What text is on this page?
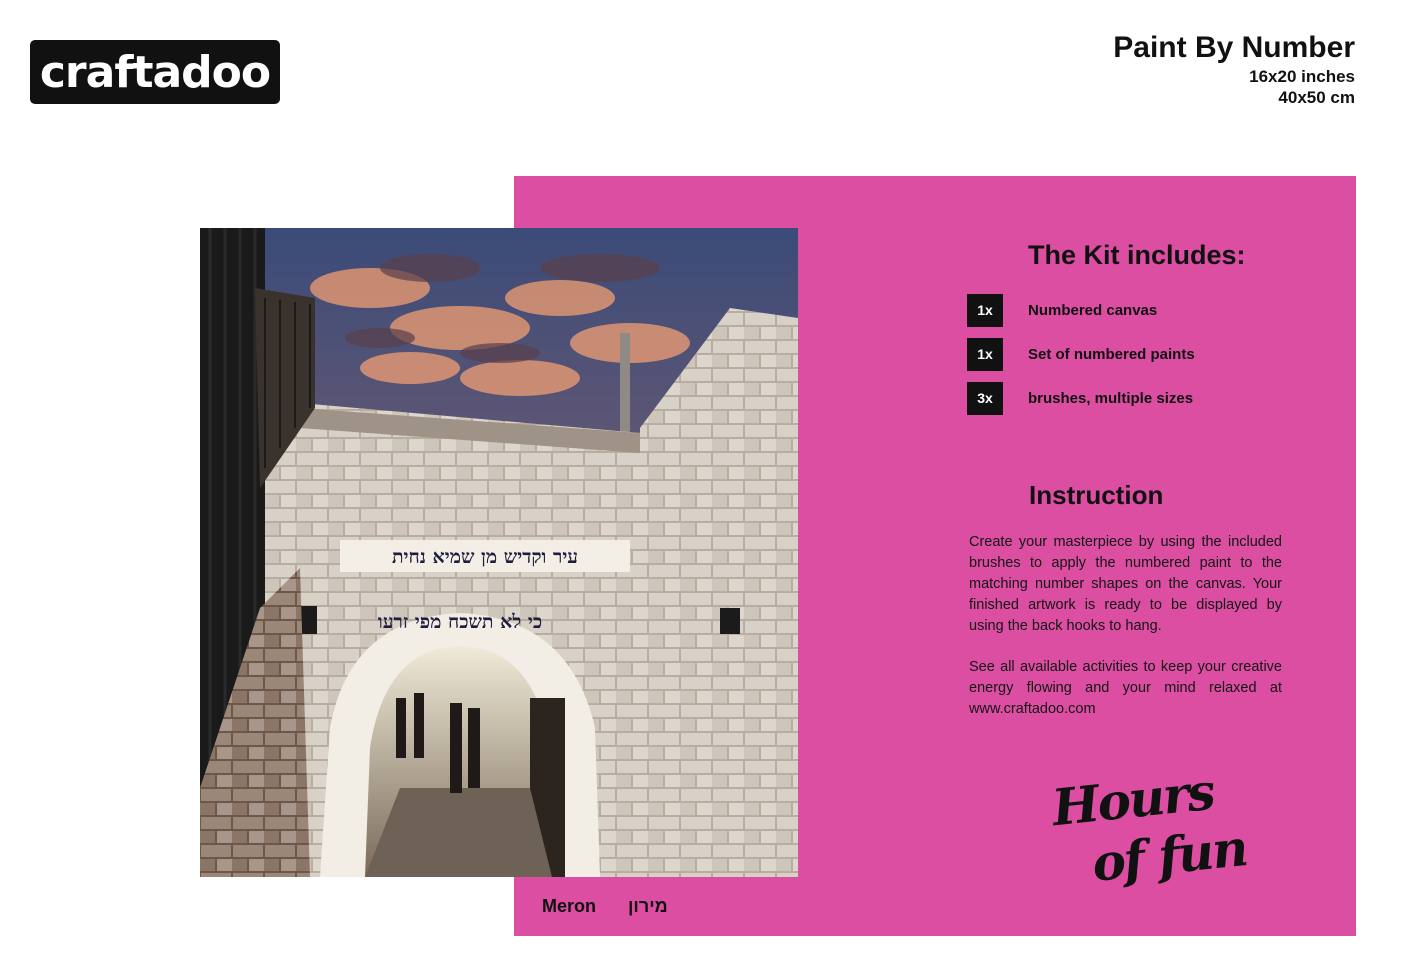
craftadoo	Paint By Number
16x20 inches
40x50 cm
עיר וקדיש מן שמיא נחית
כי לא תשכח מפי זרעו
The Kit includes:
1x	Numbered canvas
1x	Set of numbered paints
3x	brushes, multiple sizes
Instruction
Create your masterpiece by using the included brushes to apply the numbered paint to the matching number shapes on the canvas. Your finished artwork is ready to be displayed by using the back hooks to hang.
See all available activities to keep your creative energy flowing and your mind relaxed at www.craftadoo.com
Hours
of fun
Meron מירון
